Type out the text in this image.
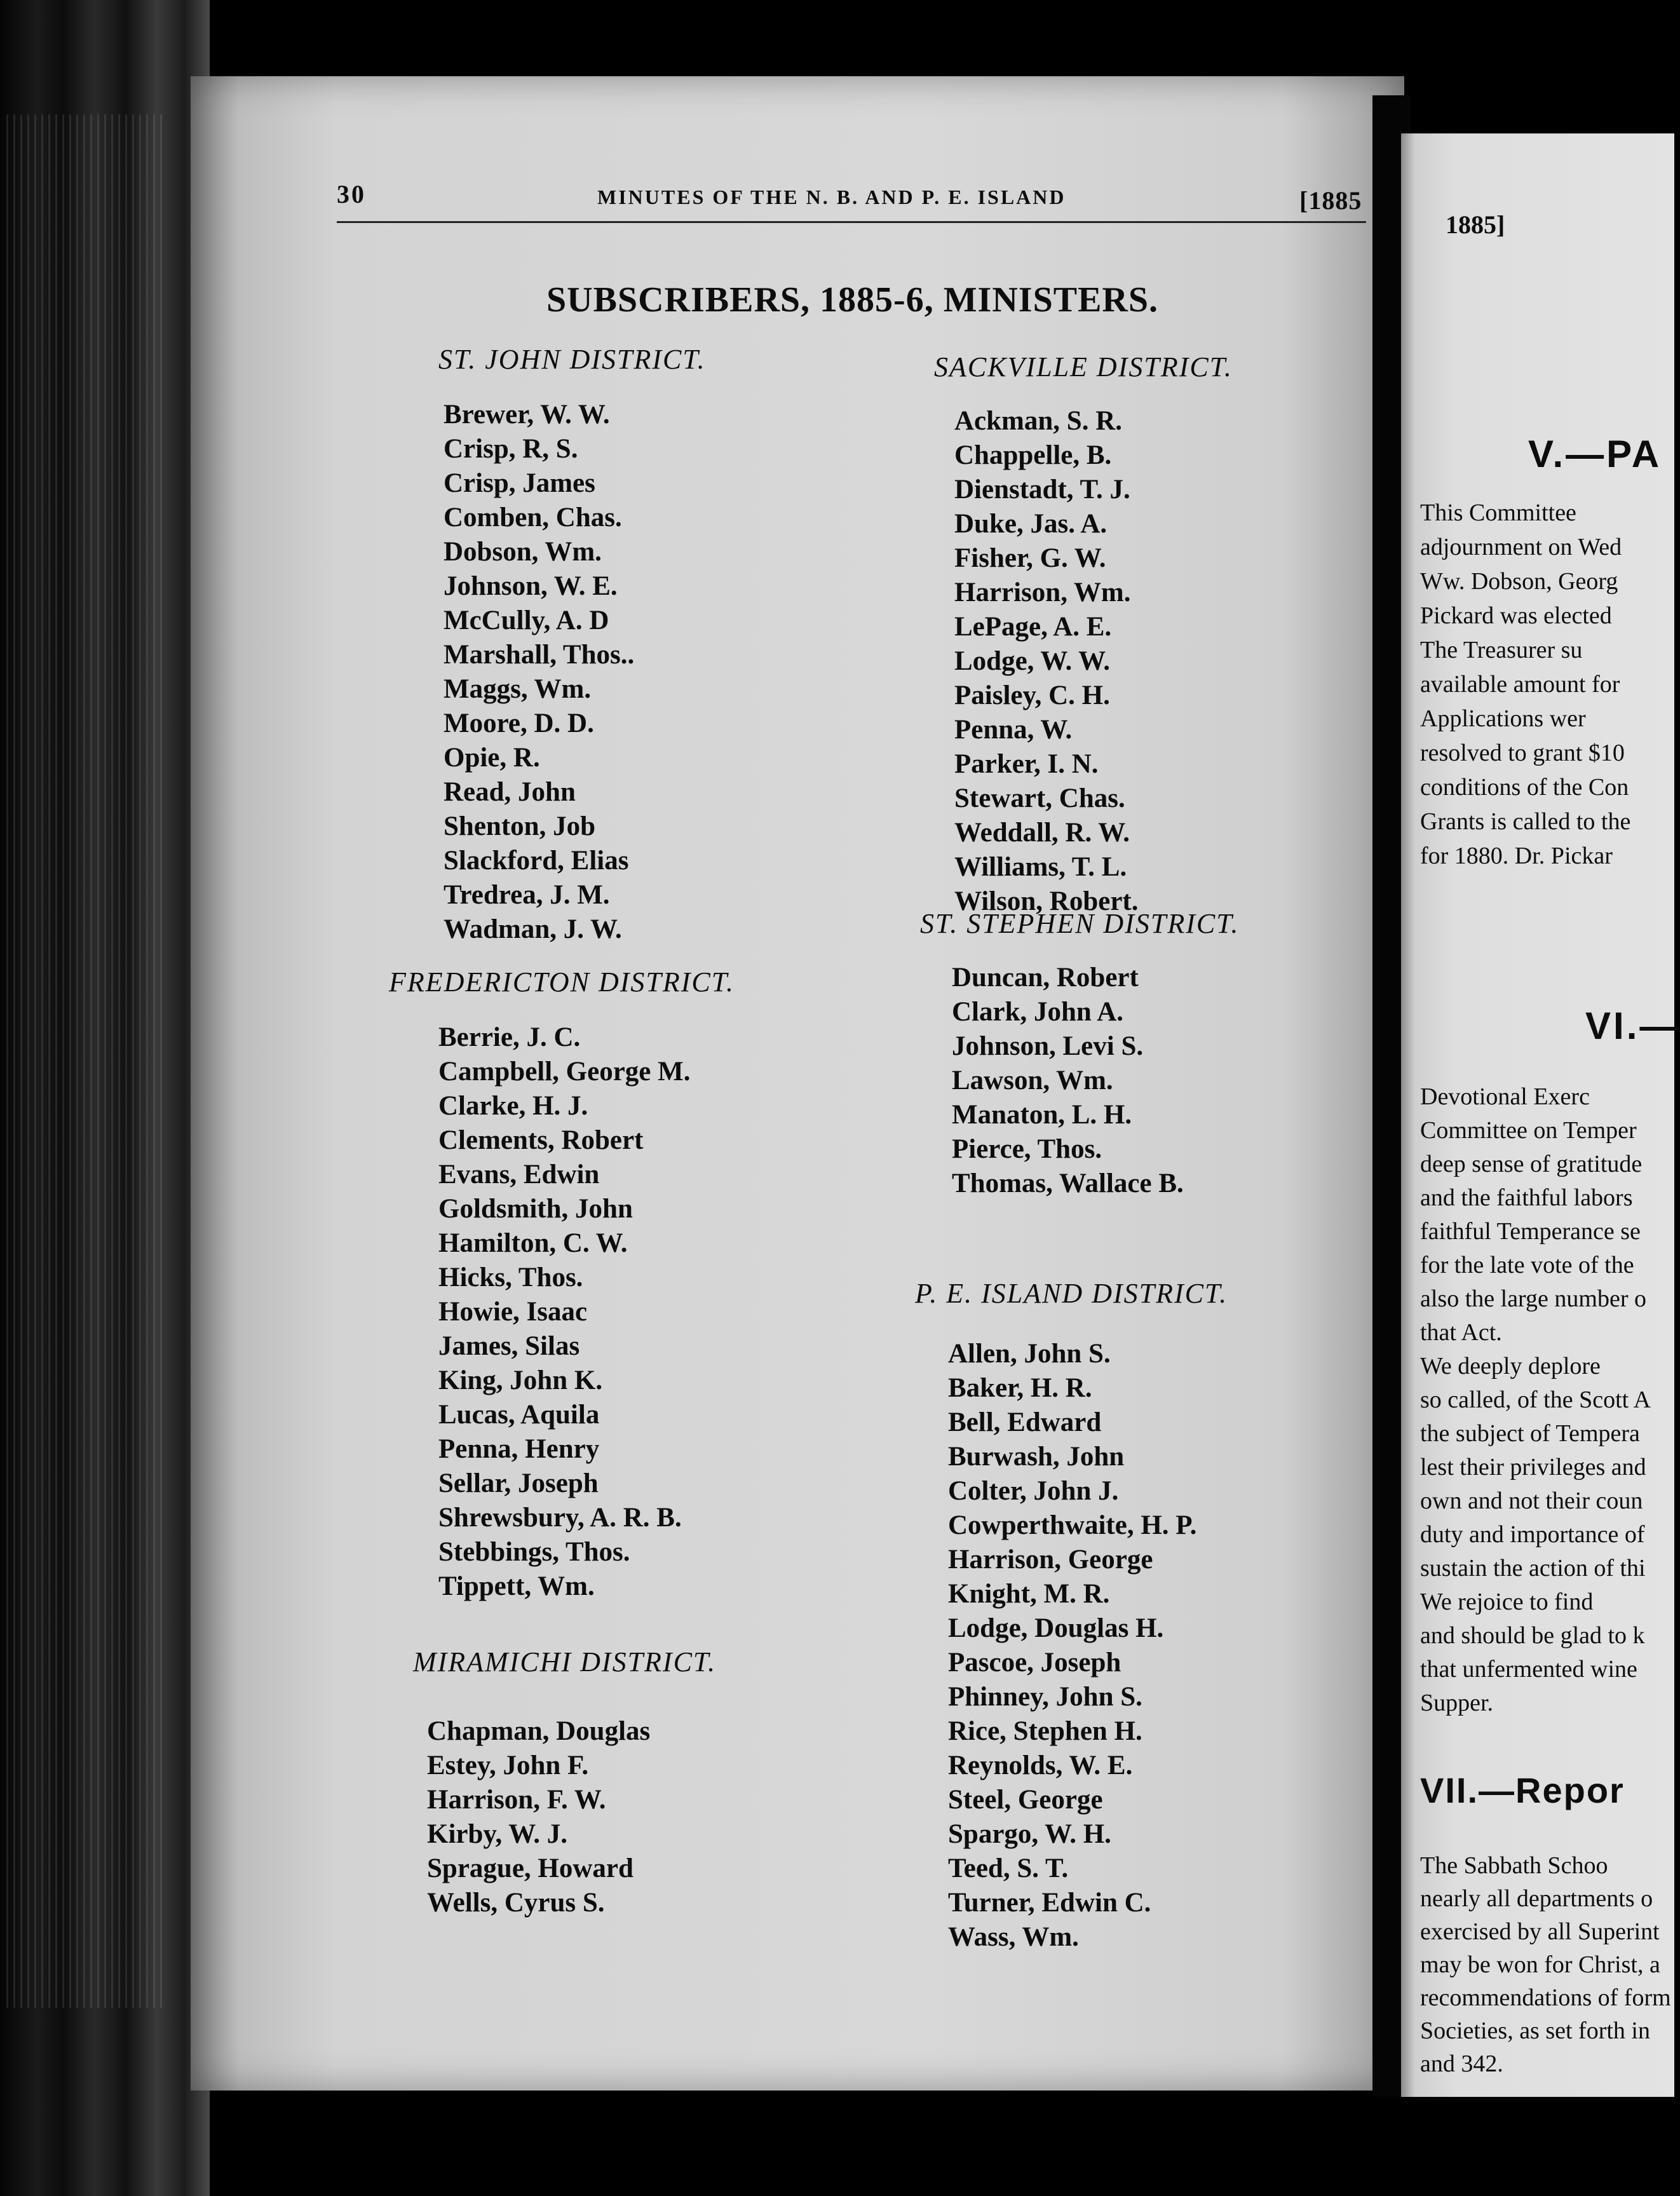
30	MINUTES OF THE N. B. AND P. E. ISLAND	[1885
SUBSCRIBERS, 1885-6, MINISTERS.
ST. JOHN DISTRICT.
Brewer, W. W.
Crisp, R, S.
Crisp, James
Comben, Chas.
Dobson, Wm.
Johnson, W. E.
McCully, A. D
Marshall, Thos..
Maggs, Wm.
Moore, D. D.
Opie, R.
Read, John
Shenton, Job
Slackford, Elias
Tredrea, J. M.
Wadman, J. W.
FREDERICTON DISTRICT.
Berrie, J. C.
Campbell, George M.
Clarke, H. J.
Clements, Robert
Evans, Edwin
Goldsmith, John
Hamilton, C. W.
Hicks, Thos.
Howie, Isaac
James, Silas
King, John K.
Lucas, Aquila
Penna, Henry
Sellar, Joseph
Shrewsbury, A. R. B.
Stebbings, Thos.
Tippett, Wm.
MIRAMICHI DISTRICT.
Chapman, Douglas
Estey, John F.
Harrison, F. W.
Kirby, W. J.
Sprague, Howard
Wells, Cyrus S.
SACKVILLE DISTRICT.
Ackman, S. R.
Chappelle, B.
Dienstadt, T. J.
Duke, Jas. A.
Fisher, G. W.
Harrison, Wm.
LePage, A. E.
Lodge, W. W.
Paisley, C. H.
Penna, W.
Parker, I. N.
Stewart, Chas.
Weddall, R. W.
Williams, T. L.
Wilson, Robert.
ST. STEPHEN DISTRICT.
Duncan, Robert
Clark, John A.
Johnson, Levi S.
Lawson, Wm.
Manaton, L. H.
Pierce, Thos.
Thomas, Wallace B.
P. E. ISLAND DISTRICT.
Allen, John S.
Baker, H. R.
Bell, Edward
Burwash, John
Colter, John J.
Cowperthwaite, H. P.
Harrison, George
Knight, M. R.
Lodge, Douglas H.
Pascoe, Joseph
Phinney, John S.
Rice, Stephen H.
Reynolds, W. E.
Steel, George
Spargo, W. H.
Teed, S. T.
Turner, Edwin C.
Wass, Wm.
1885]
V.—PA
This Committee
adjournment on Wed
Ww. Dobson, Georg
Pickard was elected
The Treasurer su
available amount for
Applications wer
resolved to grant $10
conditions of the Con
Grants is called to the
for 1880. Dr. Pickar
VI.—
Devotional Exerc
Committee on Temper
deep sense of gratitude
and the faithful labors
faithful Temperance se
for the late vote of the
also the large number o
that Act.
We deeply deplore
so called, of the Scott A
the subject of Tempera
lest their privileges and
own and not their coun
duty and importance of
sustain the action of thi
We rejoice to find
and should be glad to k
that unfermented wine
Supper.
VII.—Repor
The Sabbath Schoo
nearly all departments o
exercised by all Superint
may be won for Christ, a
recommendations of form
Societies, as set forth in
and 342.
